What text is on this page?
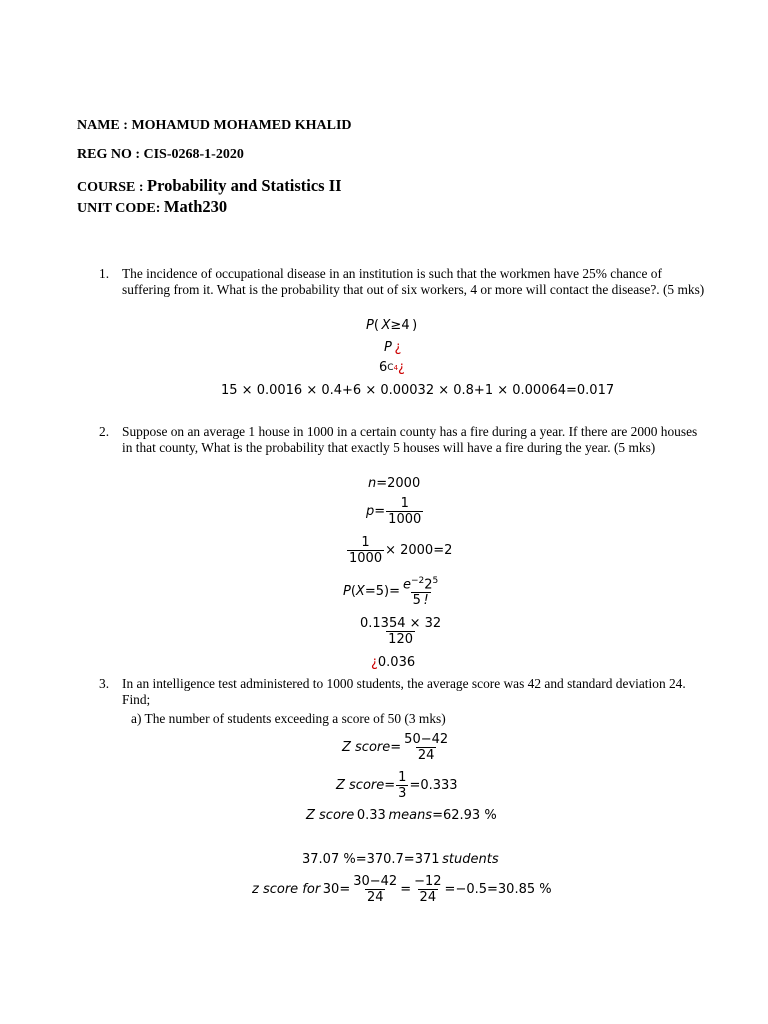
NAME : MOHAMUD MOHAMED KHALID
REG NO : CIS-0268-1-2020
COURSE : Probability and Statistics II
UNIT CODE: Math230
1. The incidence of occupational disease in an institution is such that the workmen have 25% chance of suffering from it. What is the probability that out of six workers, 4 or more will contact the disease?. (5 mks)
P (  X ≥4 )
P
  ¿
6 C 4 ¿
15 × 0.0016 × 0.4+6 × 0.00032 × 0.8+1 × 0.00064=0.017
2. Suppose on an average 1 house in 1000 in a certain county has a fire during a year. If there are 2000 houses in that county, What is the probability that exactly 5 houses will have a fire during the year. (5 mks)
n =2000
$p = \frac{1}{1000}$
$\frac{1}{1000} \times 2000=2$
P ( $X =5)= \frac{e^{-2}2^5}{5 !}$
$\frac{0.1354 \times 32}{120}$
¿ 0.036
3. In an intelligence test administered to 1000 students, the average score was 42 and standard deviation 24. Find;
a) The number of students exceeding a score of 50 (3 mks)
Z score = $\frac{50-42}{24}$
Z score = $\frac{1}{3} =0.333$
Z score
  0.33
  means =62.93 %
37.07 %=370.7=371
  students
z score for  $30= \frac{30-42}{24} = \frac{-12}{24} =-0.5=30.85$ %
